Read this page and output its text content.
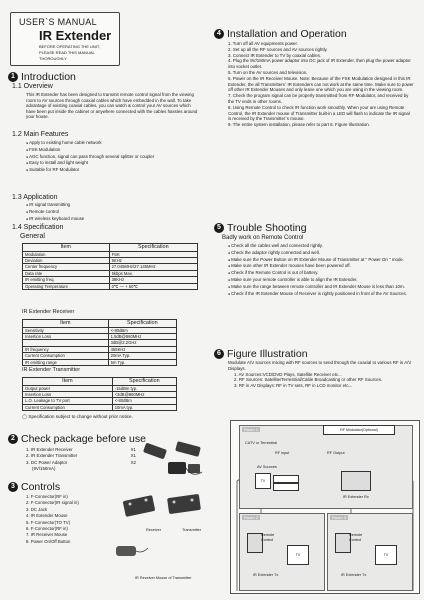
USER`S MANUAL
IR Extender
BEFORE OPERATING THE UNIT,
PLEASE READ THIS MANUAL THOROUGHLY
1 Introduction
1.1 Overview
This IR Extender has been designed to transmit remote control signal from the viewing room to AV sources through coaxial cables which have embedded in the wall. To take advantage of existing coaxial cables, you can watch & control your AV sources which have been put inside the cabinet or anywhere connected with the cables hassles around your house.
1.2 Main Features
● Apply to existing home cable network
● FSK Modulation
● AGC function, signal can pass through several splitter or coupler
● Easy to install and light weight
● Suitable for RF Modulator
1.3 Application
● IR signal transmitting
● Remote control
● IR wireless keyboard mouse
1.4 Specification
General
Item	Specification
Modulation	FSK
Deviation	5KHz
Center frequency	27.045MHz/27.145MHz
Data rate	5kbps Max.
IR emitting freq.	38KHz
Operating Temperature	0℃ — + 50℃
IR Extender Receiver
Item	Specification
Sensitivity	<-90dBm
Insertion Loss	1.5dB@860MHz
	3dB@2.2GHz
IR frequency	455KHz
Current Consumption	20mA Typ.
IR emitting range	5m Typ.
IR Extender Transmitter
Item	Specification
Output power	-15dBm typ.
Insertion Loss	<3dB@860MHz
L.O. Leakage to TV port	<-80dBm
Current Consumption	10mA typ.
◯ Specification subject to change without prior notice.
2 Check package before use
1. IR Extender Receiver	X1
2. IR Extender Transmitter	X1
3. DC Power Adaptor	X2
(9V/150mA)
3 Controls
1. F-Connector(RF in)
2. F-Connector(IR signal in)
3. DC Jack
4. IR Extender Mouse
5. F-Connector(TO TV)
6. F-Connector(RF in)
7. IR Receiver Mouse
8. Power On/Off Button
Receiver	Transmitter
IR Receiver Mouse of Transmitter
4 Installation and Operation
1. Turn off all AV equipments power.
2. Set up all the RF sources and AV sources rightly.
3. Connect IR Extender to TV by coaxial cables.
4. Plug the 9V/150mA power adaptor into DC jack of IR Extender, then plug the power adaptor into socket outlet.
5. Turn on the AV sources and television.
6. Power on the IR Receiver Mouse. Note: Because of the FSK Modulation designed in this IR Extender, the all Transmitters` IR Extenders can not work at the same time. Make sure to power off other IR Extender Mouses and only leave one which you are using in the viewing room.
7. Check the program signal can be properly transmitted from RF Modulator, and received by the TV ends in other rooms.
8. Using Remote Control to check IR function work smoothly. When your are using Remote Control, the IR Extender mouse of Transmitter built-in a LED will flash to indicate the IR signal is received by the Transmitter`s mouse.
9. The entire system installation, please refer to part 6. Figure Illustration.
5 Trouble Shooting
Badly work on Remote Control
● Check all the cables well and connected rightly.
● Check the adaptor rightly connected and well.
● Make sure the Power Button on IR Extender Mouse of Transmitter at " Power On " mode.
● Make sure other IR Extender mouses have been powered off.
● Check if the Remote Control is out of battery.
● Make sure your remote controller is able to align the IR Extender.
● Make sure the range between remote controller and IR Extender Mouse is less than 10m.
● Check if the IR Extender Mouse of Receiver is rightly positioned in front of the AV Sources.
6 Figure Illustration
Modulate A/V sources mixing with RF sources to send through the coaxial to various RF in A/V Displays.
1. AV Sources:VCD/DVD Plays, Satellite Receiver etc...
2. RF Sources: Satellite/Terrestrial/Cable Broadcasting or other RF Sources.
3. RF in AV Displays: RF in TV sets, RF in LCD monitor etc...
Room 1
Room 2	Room 3
RF Modulator(Optional)
CATV or Terrestrial
RF input	RF Output
AV Sources
TV
IR Extender Rx
Remote Control
TV
IR Extender Tx
Remote Control
TV
IR Extender Tx
